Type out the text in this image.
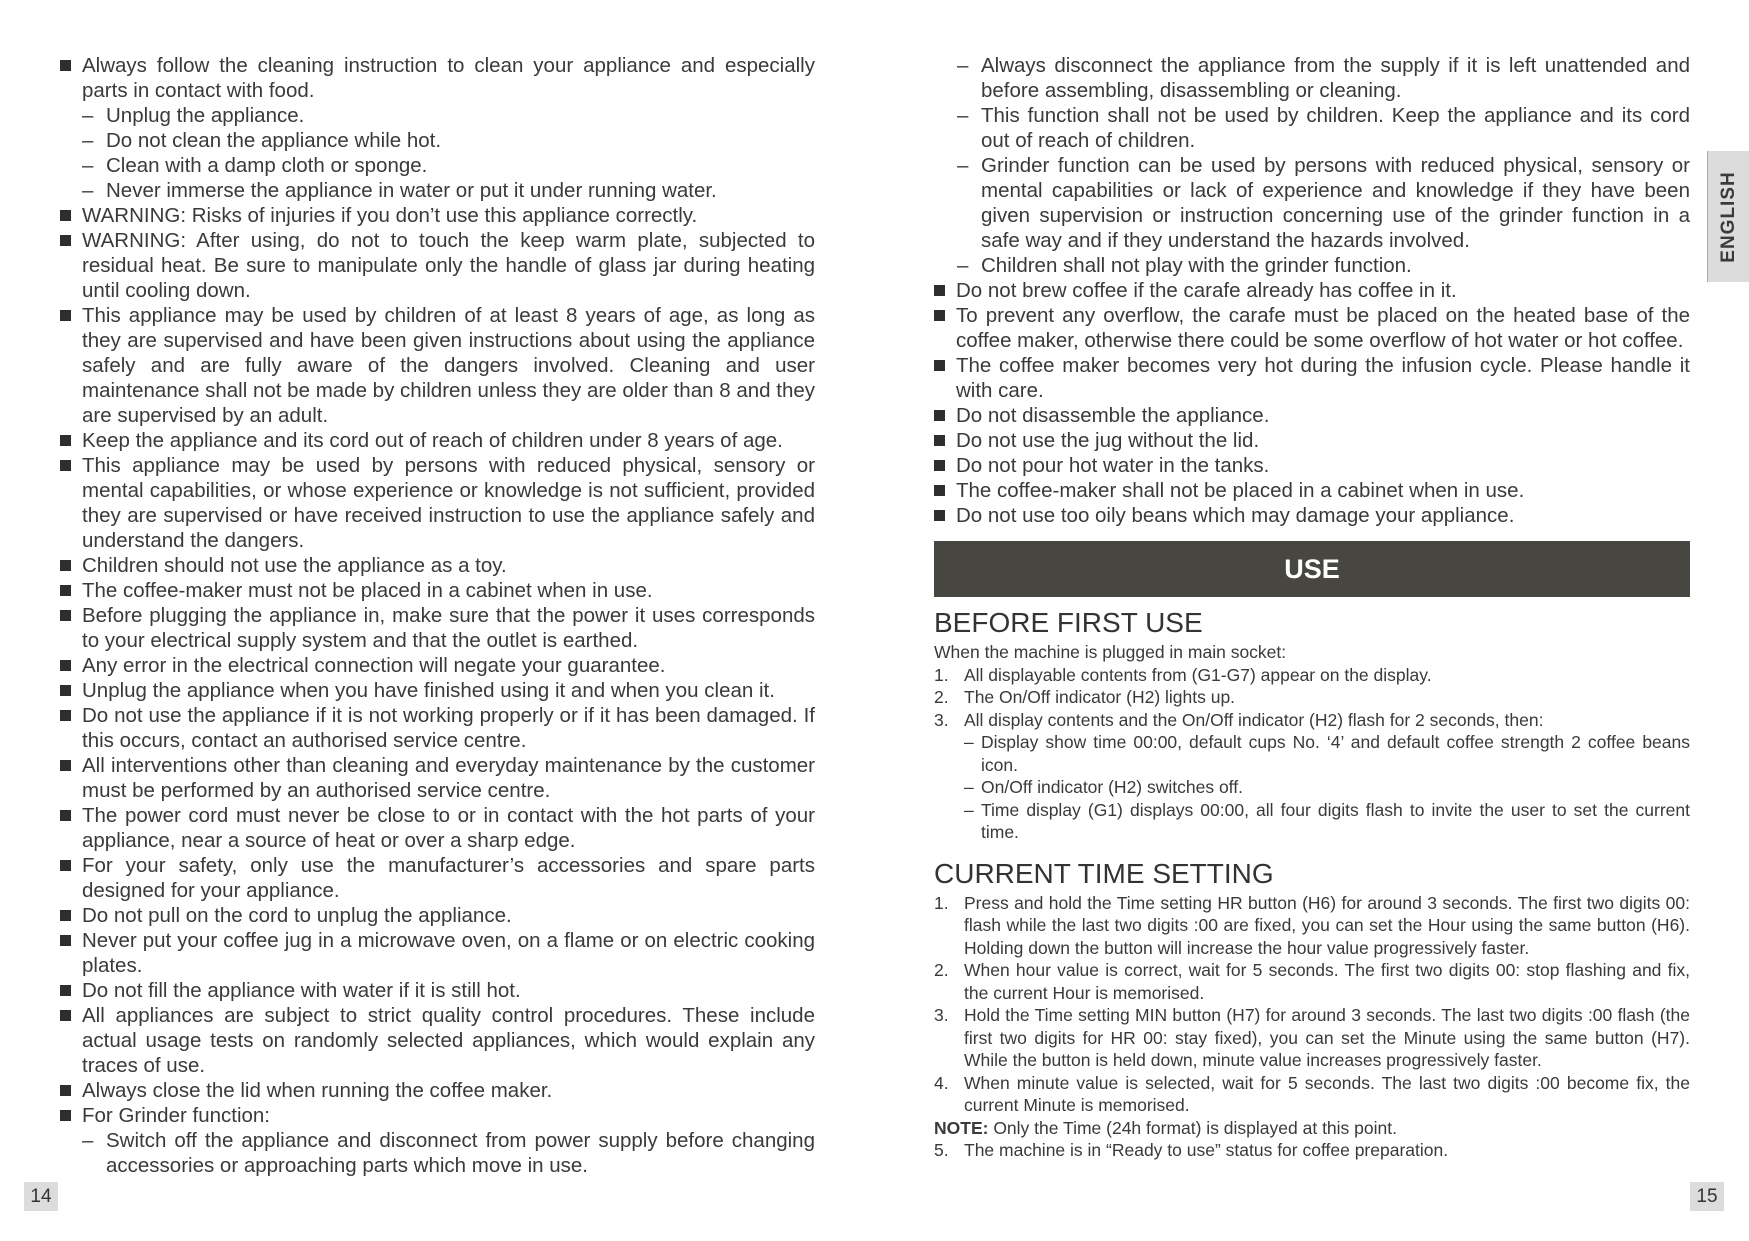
Always follow the cleaning instruction to clean your appliance and especially parts in contact with food.
– Unplug the appliance.
– Do not clean the appliance while hot.
– Clean with a damp cloth or sponge.
– Never immerse the appliance in water or put it under running water.
WARNING: Risks of injuries if you don’t use this appliance correctly.
WARNING: After using, do not to touch the keep warm plate, subjected to residual heat. Be sure to manipulate only the handle of glass jar during heating until cooling down.
This appliance may be used by children of at least 8 years of age, as long as they are supervised and have been given instructions about using the appliance safely and are fully aware of the dangers involved. Cleaning and user maintenance shall not be made by children unless they are older than 8 and they are supervised by an adult.
Keep the appliance and its cord out of reach of children under 8 years of age.
This appliance may be used by persons with reduced physical, sensory or mental capabilities, or whose experience or knowledge is not sufficient, provided they are supervised or have received instruction to use the appliance safely and understand the dangers.
Children should not use the appliance as a toy.
The coffee-maker must not be placed in a cabinet when in use.
Before plugging the appliance in, make sure that the power it uses corresponds to your electrical supply system and that the outlet is earthed.
Any error in the electrical connection will negate your guarantee.
Unplug the appliance when you have finished using it and when you clean it.
Do not use the appliance if it is not working properly or if it has been damaged. If this occurs, contact an authorised service centre.
All interventions other than cleaning and everyday maintenance by the customer must be performed by an authorised service centre.
The power cord must never be close to or in contact with the hot parts of your appliance, near a source of heat or over a sharp edge.
For your safety, only use the manufacturer’s accessories and spare parts designed for your appliance.
Do not pull on the cord to unplug the appliance.
Never put your coffee jug in a microwave oven, on a flame or on electric cooking plates.
Do not fill the appliance with water if it is still hot.
All appliances are subject to strict quality control procedures. These include actual usage tests on randomly selected appliances, which would explain any traces of use.
Always close the lid when running the coffee maker.
For Grinder function:
– Switch off the appliance and disconnect from power supply before changing accessories or approaching parts which move in use.
14
– Always disconnect the appliance from the supply if it is left unattended and before assembling, disassembling or cleaning.
– This function shall not be used by children. Keep the appliance and its cord out of reach of children.
– Grinder function can be used by persons with reduced physical, sensory or mental capabilities or lack of experience and knowledge if they have been given supervision or instruction concerning use of the grinder function in a safe way and if they understand the hazards involved.
– Children shall not play with the grinder function.
Do not brew coffee if the carafe already has coffee in it.
To prevent any overflow, the carafe must be placed on the heated base of the coffee maker, otherwise there could be some overflow of hot water or hot coffee.
The coffee maker becomes very hot during the infusion cycle. Please handle it with care.
Do not disassemble the appliance.
Do not use the jug without the lid.
Do not pour hot water in the tanks.
The coffee-maker shall not be placed in a cabinet when in use.
Do not use too oily beans which may damage your appliance.
USE
BEFORE FIRST USE
When the machine is plugged in main socket:
1. All displayable contents from (G1-G7) appear on the display.
2. The On/Off indicator (H2) lights up.
3. All display contents and the On/Off indicator (H2) flash for 2 seconds, then:
– Display show time 00:00, default cups No. ‘4’ and default coffee strength 2 coffee beans icon.
– On/Off indicator (H2) switches off.
– Time display (G1) displays 00:00, all four digits flash to invite the user to set the current time.
CURRENT TIME SETTING
1. Press and hold the Time setting HR button (H6) for around 3 seconds. The first two digits 00: flash while the last two digits :00 are fixed, you can set the Hour using the same button (H6). Holding down the button will increase the hour value progressively faster.
2. When hour value is correct, wait for 5 seconds. The first two digits 00: stop flashing and fix, the current Hour is memorised.
3. Hold the Time setting MIN button (H7) for around 3 seconds. The last two digits :00 flash (the first two digits for HR 00: stay fixed), you can set the Minute using the same button (H7). While the button is held down, minute value increases progressively faster.
4. When minute value is selected, wait for 5 seconds. The last two digits :00 become fix, the current Minute is memorised.
NOTE: Only the Time (24h format) is displayed at this point.
5. The machine is in “Ready to use” status for coffee preparation.
15
ENGLISH
